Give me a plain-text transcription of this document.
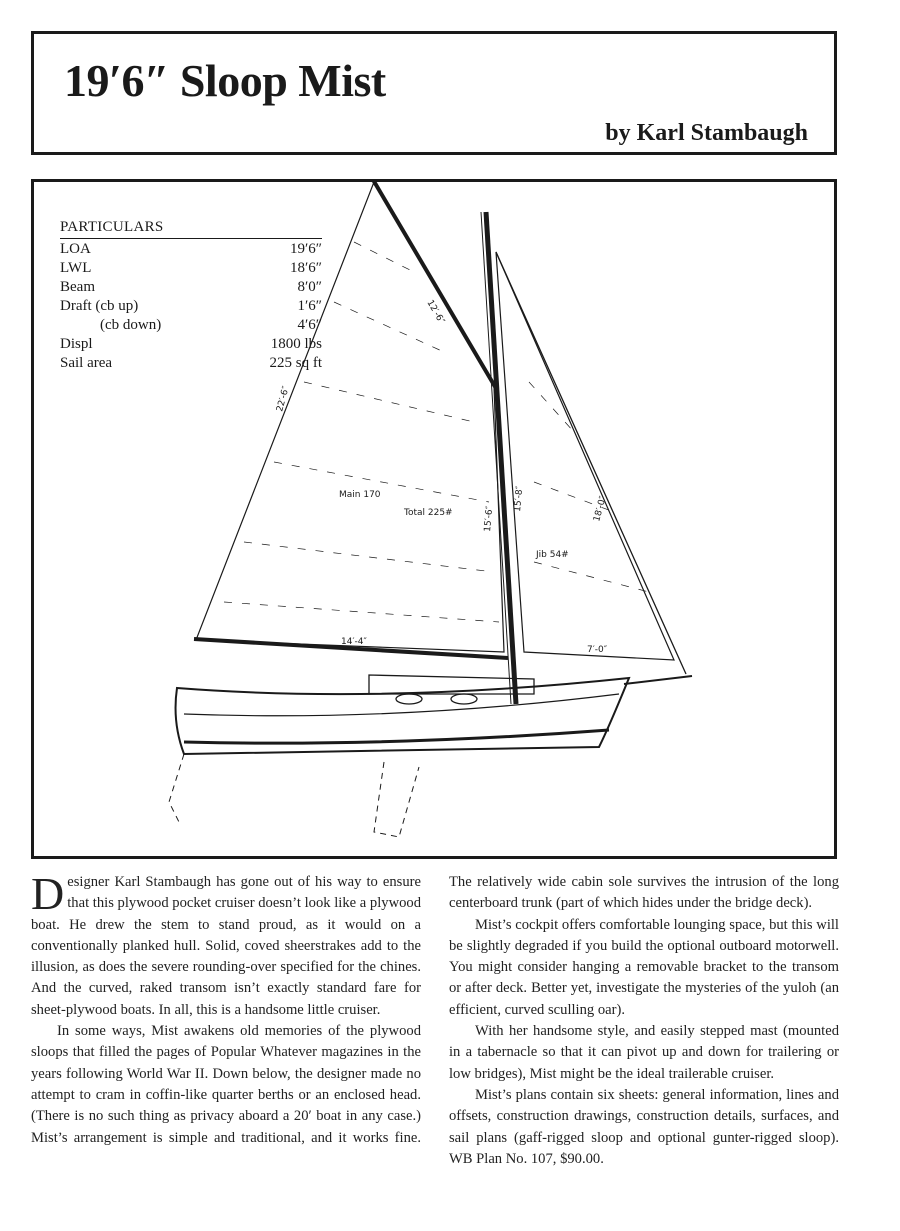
19′6″ Sloop Mist

by Karl Stambaugh

Main 170
Total 225#
Jib 54#
14′-4″
22′-6″
12′-6″
15′-6″
15′-8″	18′-0″
7′-0″
PARTICULARS
LOA	19′6″
LWL	18′6″
Beam	8′0″
Draft (cb up)	1′6″
(cb down)	4′6″
Displ	1800 lbs
Sail area	225 sq ft

Designer Karl Stambaugh has gone out of his way to ensure that this plywood pocket cruiser doesn’t look like a plywood boat. He drew the stem to stand proud, as it would on a conventionally planked hull. Solid, coved sheerstrakes add to the illusion, as does the severe rounding-over specified for the chines. And the curved, raked transom isn’t exactly standard fare for sheet-plywood boats. In all, this is a handsome little cruiser.

In some ways, Mist awakens old memories of the plywood sloops that filled the pages of Popular Whatever magazines in the years following World War II. Down below, the designer made no attempt to cram in coffin-like quarter berths or an enclosed head. (There is no such thing as privacy aboard a 20′ boat in any case.) Mist’s arrangement is simple and traditional, and it works fine. The relatively wide cabin sole survives the intrusion of the long centerboard trunk (part of which hides under the bridge deck).

Mist’s cockpit offers comfortable lounging space, but this will be slightly degraded if you build the optional outboard motorwell. You might consider hanging a removable bracket to the transom or after deck. Better yet, investigate the mysteries of the yuloh (an efficient, curved sculling oar).

With her handsome style, and easily stepped mast (mounted in a tabernacle so that it can pivot up and down for trailering or low bridges), Mist might be the ideal trailerable cruiser.

Mist’s plans contain six sheets: general information, lines and offsets, construction drawings, construction details, surfaces, and sail plans (gaff-rigged sloop and optional gunter-rigged sloop). WB Plan No. 107, $90.00.
